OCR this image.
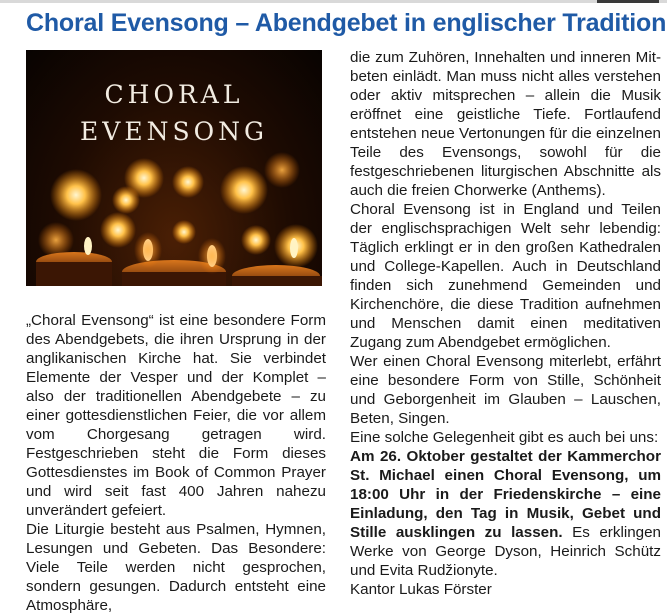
Choral Evensong – Abendgebet in englischer Tradition
CHORAL
EVENSONG

„Choral Evensong“ ist eine besondere Form des Abendgebets, die ihren Ursprung in der anglikanischen Kirche hat. Sie verbindet Elemente der Vesper und der Komplet – also der traditionellen Abendgebete – zu einer gottesdienstlichen Feier, die vor allem vom Chorgesang getragen wird. Festgeschrieben steht die Form dieses Gottesdienstes im Book of Common Prayer und wird seit fast 400 Jahren nahezu unverändert gefeiert.

Die Liturgie besteht aus Psalmen, Hymnen, Lesungen und Gebeten. Das Besondere: Viele Teile werden nicht gesprochen, sondern gesungen. Dadurch entsteht eine Atmosphäre,

die zum Zuhören, Innehalten und inneren Mitbeten einlädt. Man muss nicht alles verstehen oder aktiv mitsprechen – allein die Musik eröffnet eine geistliche Tiefe. Fortlaufend entstehen neue Vertonungen für die einzelnen Teile des Evensongs, sowohl für die festgeschriebenen liturgischen Abschnitte als auch die freien Chorwerke (Anthems).

Choral Evensong ist in England und Teilen der englischsprachigen Welt sehr lebendig: Täglich erklingt er in den großen Kathedralen und College-Kapellen. Auch in Deutschland finden sich zunehmend Gemeinden und Kirchenchöre, die diese Tradition aufnehmen und Menschen damit einen meditativen Zugang zum Abendgebet ermöglichen.

Wer einen Choral Evensong miterlebt, erfährt eine besondere Form von Stille, Schönheit und Geborgenheit im Glauben – Lauschen, Beten, Singen.

Eine solche Gelegenheit gibt es auch bei uns:

Am 26. Oktober gestaltet der Kammerchor St. Michael einen Choral Evensong, um 18:00 Uhr in der Friedenskirche – eine Einladung, den Tag in Musik, Gebet und Stille ausklingen zu lassen. Es erklingen Werke von George Dyson, Heinrich Schütz und Evita Rudžionyte.

Kantor Lukas Förster
